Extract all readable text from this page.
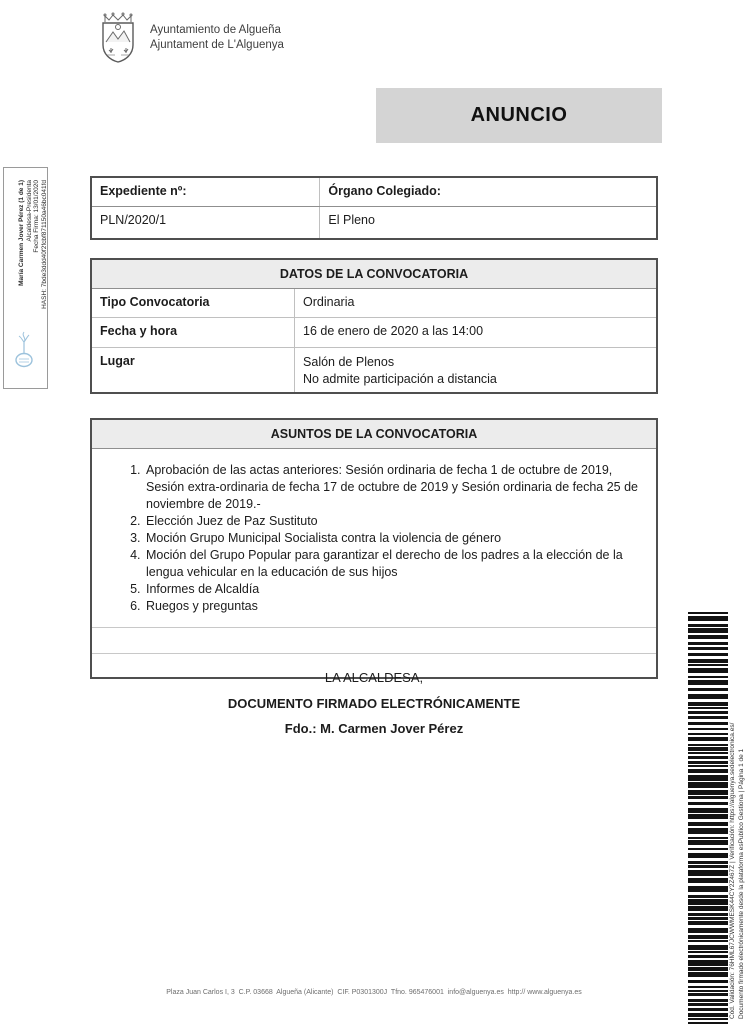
Ayuntamiento de Algueña
Ajuntament de L'Alguenya
ANUNCIO
Expediente nº:	Órgano Colegiado:
PLN/2020/1	El Pleno
DATOS DE LA CONVOCATORIA
Tipo Convocatoria	Ordinaria
Fecha y hora	16 de enero de 2020 a las 14:00
Lugar	Salón de Plenos
No admite participación a distancia
ASUNTOS DE LA CONVOCATORIA
1. Aprobación de las actas anteriores: Sesión ordinaria de fecha 1 de octubre de 2019, Sesión extra-ordinaria de fecha 17 de octubre de 2019 y Sesión ordinaria de fecha 25 de noviembre de 2019.-
2. Elección Juez de Paz Sustituto
3. Moción Grupo Municipal Socialista contra la violencia de género
4. Moción del Grupo Popular para garantizar el derecho de los padres a la elección de la lengua vehicular en la educación de sus hijos
5. Informes de Alcaldía
6. Ruegos y preguntas
LA ALCALDESA,
DOCUMENTO FIRMADO ELECTRÓNICAMENTE
Fdo.: M. Carmen Jover Pérez
Plaza Juan Carlos I, 3  C.P. 03668  Algueña (Alicante)  CIF. P0301300J  Tfno. 965476001  info@alguenya.es  http:// www.alguenya.es
María Carmen Jover Pérez (1 de 1) Alcaldesa-Presidenta Fecha Firma: 13/01/2020 HASH: 7bde3ddd40f2fcbf871150a46bc041fd
Cód. Validación: 76HML67JCWWMESK44CY2Z467Z | Verificación: https://alguenya.sedelectronica.es/ Documento firmado electrónicamente desde la plataforma esPublico Gestiona | Página 1 de 1
